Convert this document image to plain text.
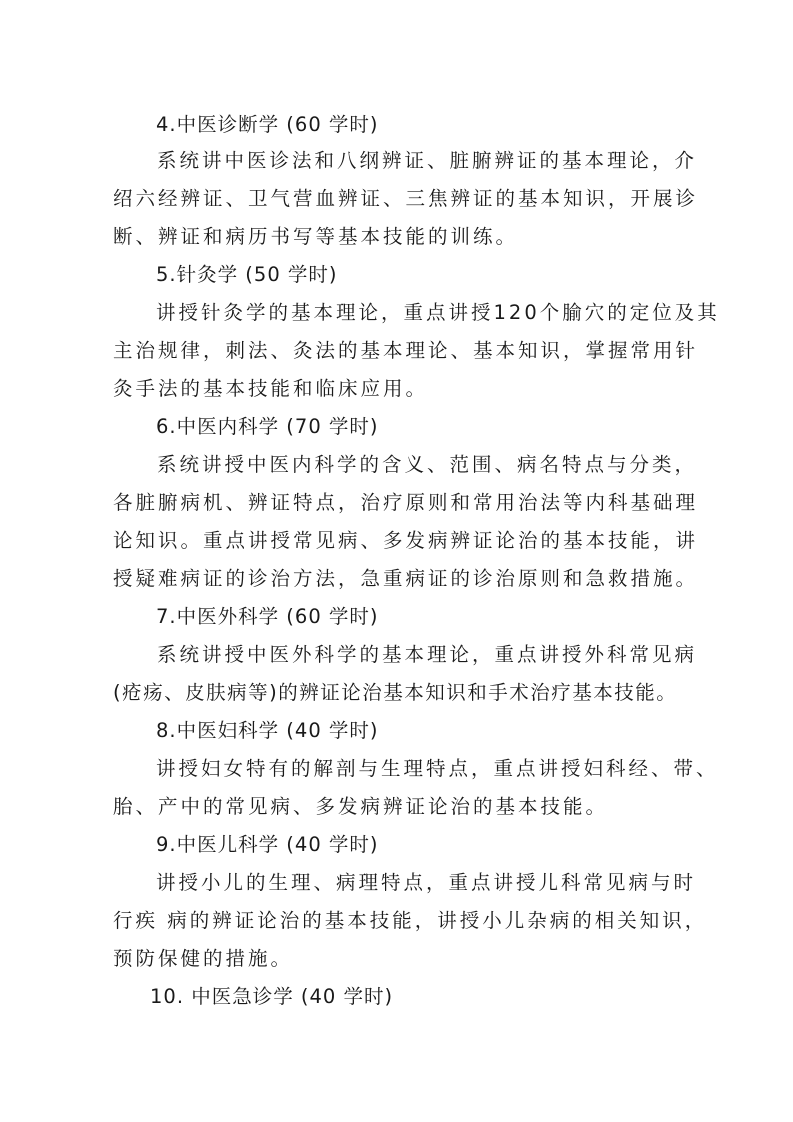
4.中医诊断学 (60 学时)
系统讲中医诊法和八纲辨证、脏腑辨证的基本理论，介
绍六经辨证、卫气营血辨证、三焦辨证的基本知识，开展诊
断、辨证和病历书写等基本技能的训练。
5.针灸学 (50 学时)
讲授针灸学的基本理论，重点讲授120个腧穴的定位及其
主治规律，刺法、灸法的基本理论、基本知识，掌握常用针
灸手法的基本技能和临床应用。
6.中医内科学 (70 学时)
系统讲授中医内科学的含义、范围、病名特点与分类，
各脏腑病机、辨证特点，治疗原则和常用治法等内科基础理
论知识。重点讲授常见病、多发病辨证论治的基本技能，讲
授疑难病证的诊治方法，急重病证的诊治原则和急救措施。
7.中医外科学 (60 学时)
系统讲授中医外科学的基本理论，重点讲授外科常见病
(疮疡、皮肤病等)的辨证论治基本知识和手术治疗基本技能。
8.中医妇科学 (40 学时)
讲授妇女特有的解剖与生理特点，重点讲授妇科经、带、
胎、产中的常见病、多发病辨证论治的基本技能。
9.中医儿科学 (40 学时)
讲授小儿的生理、病理特点，重点讲授儿科常见病与时
行疾 病的辨证论治的基本技能，讲授小儿杂病的相关知识，
预防保健的措施。
10. 中医急诊学 (40 学时)
